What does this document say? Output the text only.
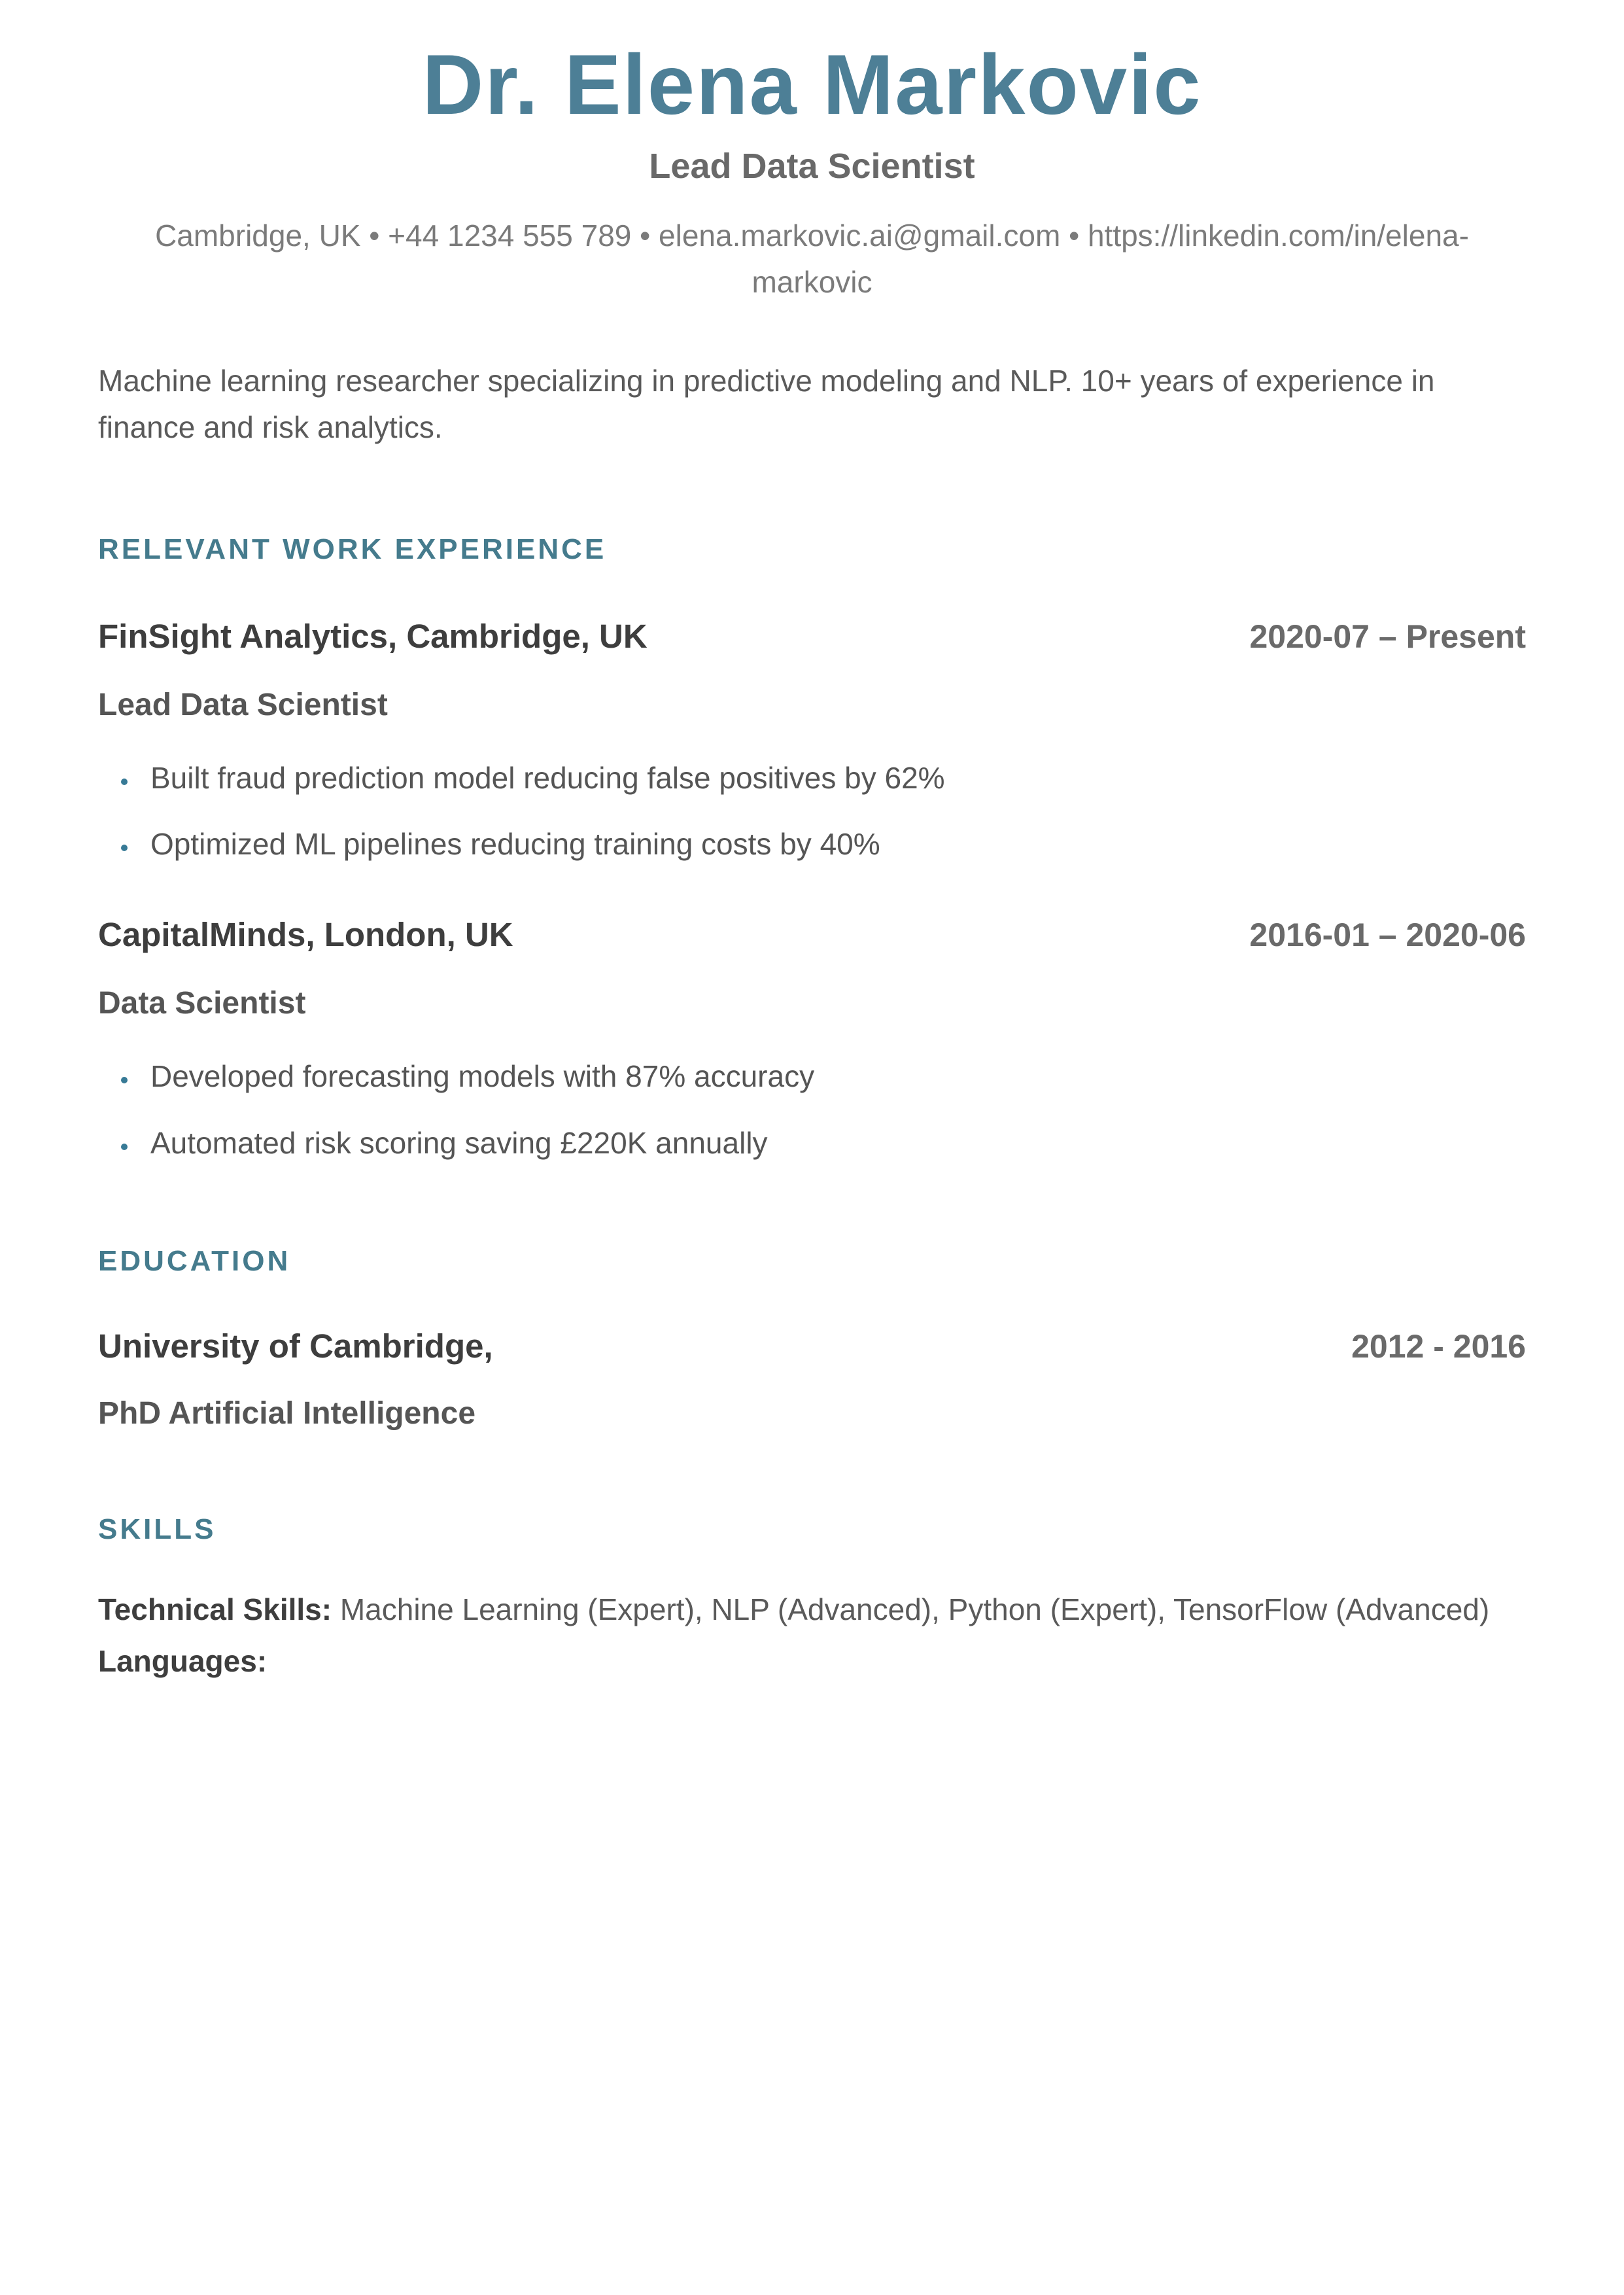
Dr. Elena Markovic
Lead Data Scientist
Cambridge, UK • +44 1234 555 789 • elena.markovic.ai@gmail.com • https://linkedin.com/in/elena-markovic
Machine learning researcher specializing in predictive modeling and NLP. 10+ years of experience in finance and risk analytics.
RELEVANT WORK EXPERIENCE
FinSight Analytics, Cambridge, UK	2020-07 – Present
Lead Data Scientist
• Built fraud prediction model reducing false positives by 62%
• Optimized ML pipelines reducing training costs by 40%
CapitalMinds, London, UK	2016-01 – 2020-06
Data Scientist
• Developed forecasting models with 87% accuracy
• Automated risk scoring saving £220K annually
EDUCATION
University of Cambridge,	2012 - 2016
PhD Artificial Intelligence
SKILLS
Technical Skills: Machine Learning (Expert), NLP (Advanced), Python (Expert), TensorFlow (Advanced)
Languages:
